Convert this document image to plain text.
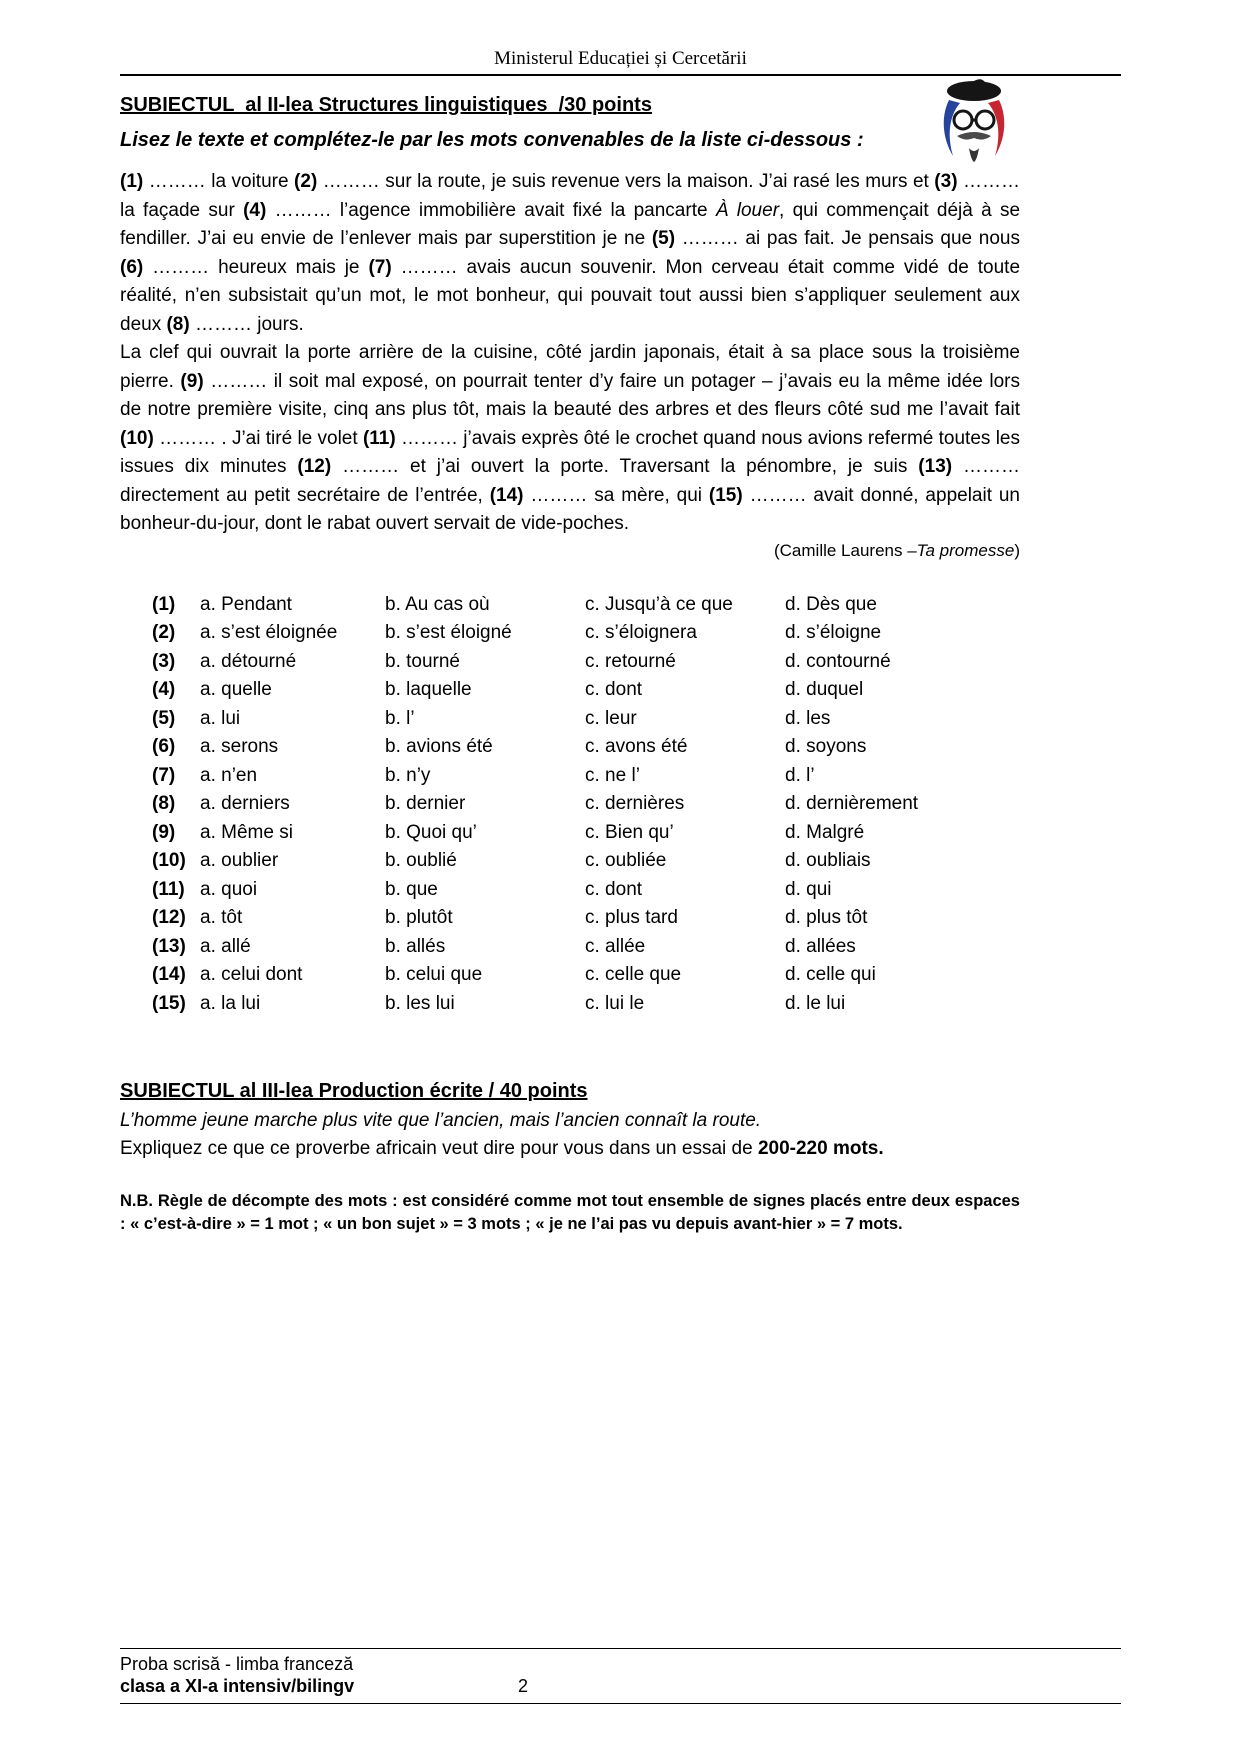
Ministerul Educației și Cercetării
SUBIECTUL  al II-lea Structures linguistiques  /30 points

Lisez le texte et complétez-le par les mots convenables de la liste ci-dessous :

(1) ……… la voiture (2) ……… sur la route, je suis revenue vers la maison. J’ai rasé les murs et (3) ……… la façade sur (4) ……… l’agence immobilière avait fixé la pancarte À louer, qui commençait déjà à se fendiller. J’ai eu envie de l’enlever mais par superstition je ne (5) ……… ai pas fait. Je pensais que nous (6) ……… heureux mais je (7) ……… avais aucun souvenir. Mon cerveau était comme vidé de toute réalité, n’en subsistait qu’un mot, le mot bonheur, qui pouvait tout aussi bien s’appliquer seulement aux deux (8) ……… jours.

La clef qui ouvrait la porte arrière de la cuisine, côté jardin japonais, était à sa place sous la troisième pierre. (9) ……… il soit mal exposé, on pourrait tenter d’y faire un potager – j’avais eu la même idée lors de notre première visite, cinq ans plus tôt, mais la beauté des arbres et des fleurs côté sud me l’avait fait (10) ……… . J’ai tiré le volet (11) ……… j’avais exprès ôté le crochet quand nous avions refermé toutes les issues dix minutes (12) ……… et j’ai ouvert la porte. Traversant la pénombre, je suis (13) ……… directement au petit secrétaire de l’entrée, (14) ……… sa mère, qui (15) ……… avait donné, appelait un bonheur-du-jour, dont le rabat ouvert servait de vide-poches.

(Camille Laurens –Ta promesse)

(1)	a. Pendant	b. Au cas où	c. Jusqu’à ce que	d. Dès que
(2)	a. s’est éloignée	b. s’est éloigné	c. s’éloignera	d. s’éloigne
(3)	a. détourné	b. tourné	c. retourné	d. contourné
(4)	a. quelle	b. laquelle	c. dont	d. duquel
(5)	a. lui	b. l’	c. leur	d. les
(6)	a. serons	b. avions été	c. avons été	d. soyons
(7)	a. n’en	b. n’y	c. ne l’	d. l’
(8)	a. derniers	b. dernier	c. dernières	d. dernièrement
(9)	a. Même si	b. Quoi qu’	c. Bien qu’	d. Malgré
(10) a. oublier	b. oublié	c. oubliée	d. oubliais
(11) a. quoi	b. que	c. dont	d. qui
(12) a. tôt	b. plutôt	c. plus tard	d. plus tôt
(13) a. allé	b. allés	c. allée	d. allées
(14) a. celui dont	b. celui que	c. celle que	d. celle qui
(15) a. la lui	b. les lui	c. lui le	d. le lui
SUBIECTUL al III-lea Production écrite / 40 points

L’homme jeune marche plus vite que l’ancien, mais l’ancien connaît la route.

Expliquez ce que ce proverbe africain veut dire pour vous dans un essai de 200-220 mots.

N.B. Règle de décompte des mots : est considéré comme mot tout ensemble de signes placés entre deux espaces : « c’est-à-dire » = 1 mot ; « un bon sujet » = 3 mots ; « je ne l’ai pas vu depuis avant-hier » = 7 mots.

Proba scrisă - limba franceză
clasa a XI-a intensiv/bilingv	2
